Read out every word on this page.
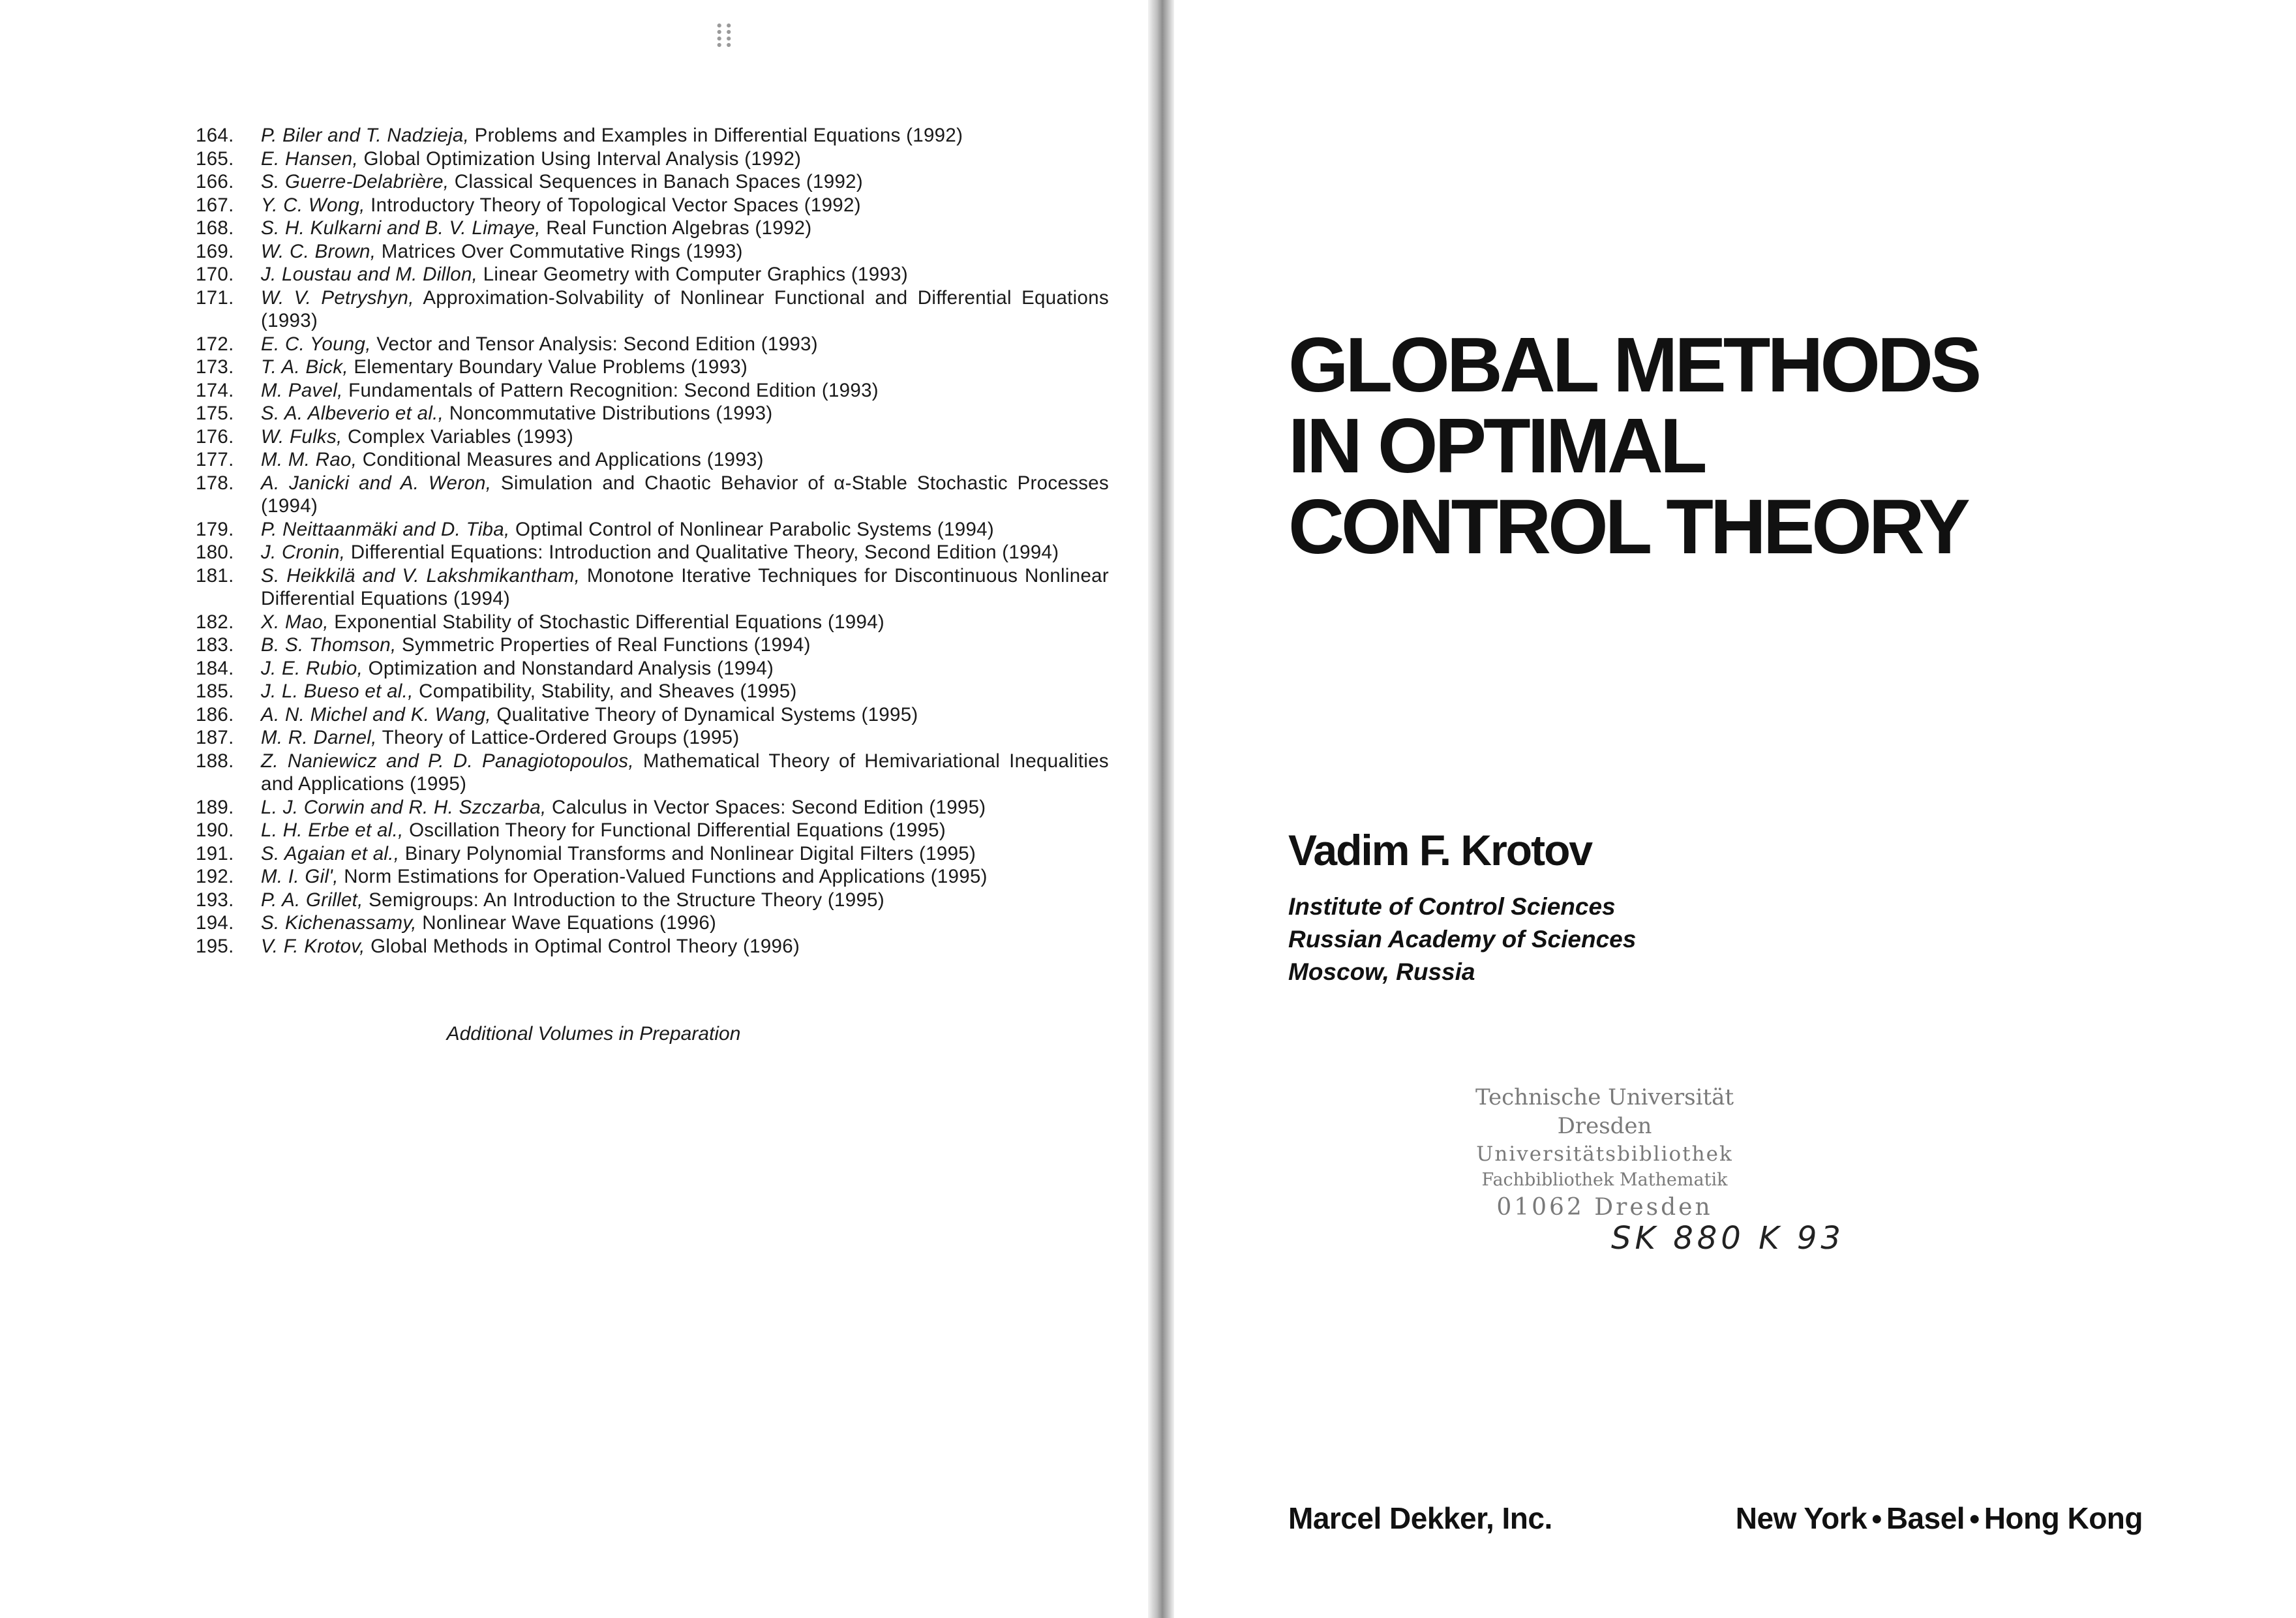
⁞⁞
164.	P. Biler and T. Nadzieja, Problems and Examples in Differential Equations (1992)
165.	E. Hansen, Global Optimization Using Interval Analysis (1992)
166.	S. Guerre-Delabrière, Classical Sequences in Banach Spaces (1992)
167.	Y. C. Wong, Introductory Theory of Topological Vector Spaces (1992)
168.	S. H. Kulkarni and B. V. Limaye, Real Function Algebras (1992)
169.	W. C. Brown, Matrices Over Commutative Rings (1993)
170.	J. Loustau and M. Dillon, Linear Geometry with Computer Graphics (1993)
171.	W. V. Petryshyn, Approximation-Solvability of Nonlinear Functional and Differential Equations (1993)
172.	E. C. Young, Vector and Tensor Analysis: Second Edition (1993)
173.	T. A. Bick, Elementary Boundary Value Problems (1993)
174.	M. Pavel, Fundamentals of Pattern Recognition: Second Edition (1993)
175.	S. A. Albeverio et al., Noncommutative Distributions (1993)
176.	W. Fulks, Complex Variables (1993)
177.	M. M. Rao, Conditional Measures and Applications (1993)
178.	A. Janicki and A. Weron, Simulation and Chaotic Behavior of α-Stable Stochastic Processes (1994)
179.	P. Neittaanmäki and D. Tiba, Optimal Control of Nonlinear Parabolic Systems (1994)
180.	J. Cronin, Differential Equations: Introduction and Qualitative Theory, Second Edition (1994)
181.	S. Heikkilä and V. Lakshmikantham, Monotone Iterative Techniques for Discontinuous Nonlinear Differential Equations (1994)
182.	X. Mao, Exponential Stability of Stochastic Differential Equations (1994)
183.	B. S. Thomson, Symmetric Properties of Real Functions (1994)
184.	J. E. Rubio, Optimization and Nonstandard Analysis (1994)
185.	J. L. Bueso et al., Compatibility, Stability, and Sheaves (1995)
186.	A. N. Michel and K. Wang, Qualitative Theory of Dynamical Systems (1995)
187.	M. R. Darnel, Theory of Lattice-Ordered Groups (1995)
188.	Z. Naniewicz and P. D. Panagiotopoulos, Mathematical Theory of Hemivariational Inequalities and Applications (1995)
189.	L. J. Corwin and R. H. Szczarba, Calculus in Vector Spaces: Second Edition (1995)
190.	L. H. Erbe et al., Oscillation Theory for Functional Differential Equations (1995)
191.	S. Agaian et al., Binary Polynomial Transforms and Nonlinear Digital Filters (1995)
192.	M. I. Gil', Norm Estimations for Operation-Valued Functions and Applications (1995)
193.	P. A. Grillet, Semigroups: An Introduction to the Structure Theory (1995)
194.	S. Kichenassamy, Nonlinear Wave Equations (1996)
195.	V. F. Krotov, Global Methods in Optimal Control Theory (1996)
Additional Volumes in Preparation
GLOBAL METHODS
IN OPTIMAL
CONTROL THEORY
Vadim F. Krotov
Institute of Control Sciences
Russian Academy of Sciences
Moscow, Russia
Technische Universität Dresden
Universitätsbibliothek
Fachbibliothek Mathematik
01062 Dresden
SK 880 K 93
Marcel Dekker, Inc.	New York ● Basel ● Hong Kong
